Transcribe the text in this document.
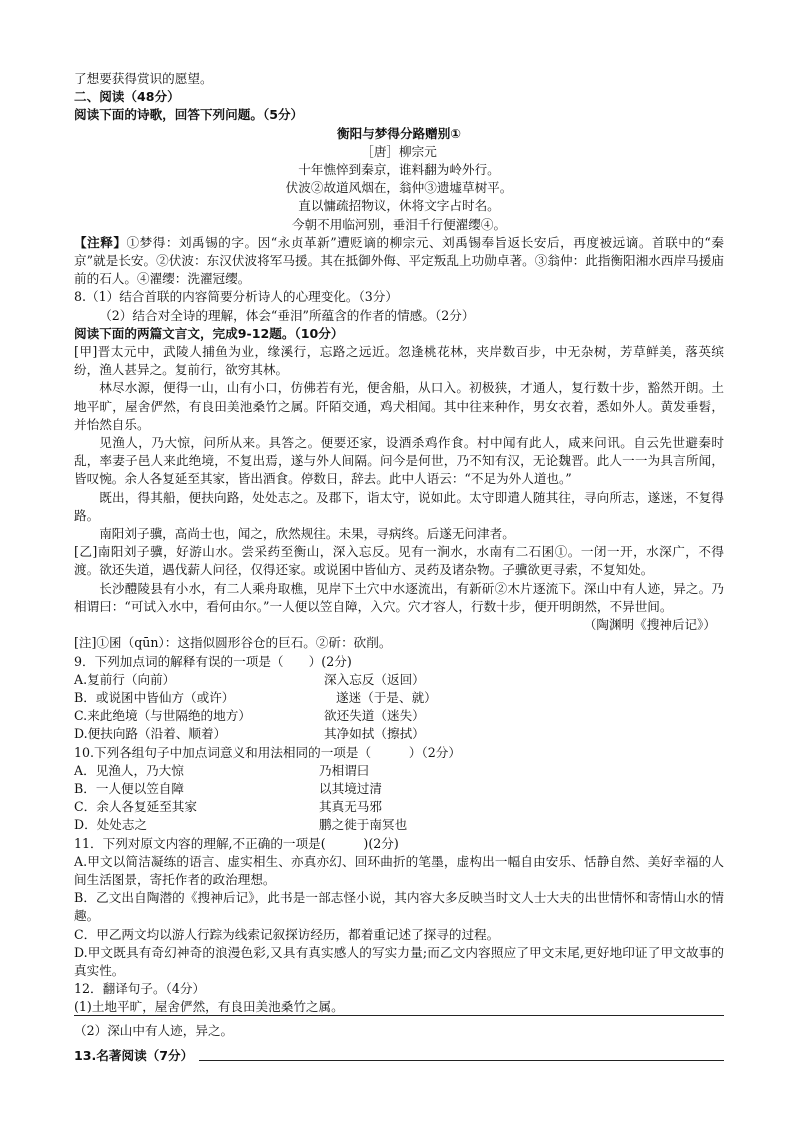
了想要获得赏识的愿望。
二、阅读（48分）
阅读下面的诗歌，回答下列问题。（5分）
衡阳与梦得分路赠别①
［唐］柳宗元
十年憔悴到秦京，谁料翻为岭外行。
伏波②故道风烟在，翁仲③遗墟草树平。
直以慵疏招物议，休将文字占时名。
今朝不用临河别，垂泪千行便濯缨④。
【注释】①梦得：刘禹锡的字。因“永贞革新”遭贬谪的柳宗元、刘禹锡奉旨返长安后，再度被远谪。首联中的“秦京”就是长安。②伏波：东汉伏波将军马援。其在抵御外侮、平定叛乱上功勋卓著。③翁仲：此指衡阳湘水西岸马援庙前的石人。④濯缨：洗濯冠缨。
8.（1）结合首联的内容简要分析诗人的心理变化。（3分）
（2）结合对全诗的理解，体会“垂泪”所蕴含的作者的情感。（2分）
阅读下面的两篇文言文，完成9-12题。（10分）
[甲]晋太元中，武陵人捕鱼为业，缘溪行，忘路之远近。忽逢桃花林，夹岸数百步，中无杂树，芳草鲜美，落英缤纷，渔人甚异之。复前行，欲穷其林。
林尽水源，便得一山，山有小口，仿佛若有光，便舍船，从口入。初极狭，才通人，复行数十步，豁然开朗。土地平旷，屋舍俨然，有良田美池桑竹之属。阡陌交通，鸡犬相闻。其中往来种作，男女衣着，悉如外人。黄发垂髫，并怡然自乐。
见渔人，乃大惊，问所从来。具答之。便要还家，设酒杀鸡作食。村中闻有此人，咸来问讯。自云先世避秦时乱，率妻子邑人来此绝境，不复出焉，遂与外人间隔。问今是何世，乃不知有汉，无论魏晋。此人一一为具言所闻，皆叹惋。余人各复延至其家，皆出酒食。停数日，辞去。此中人语云：“不足为外人道也。”
既出，得其船，便扶向路，处处志之。及郡下，诣太守，说如此。太守即遣人随其往，寻向所志，遂迷，不复得路。
南阳刘子骥，高尚士也，闻之，欣然规往。未果，寻病终。后遂无问津者。
[乙]南阳刘子骥，好游山水。尝采药至衡山，深入忘反。见有一涧水，水南有二石囷①。一闭一开，水深广，不得渡。欲还失道，遇伐薪人问径，仅得还家。或说囷中皆仙方、灵药及诸杂物。子骥欲更寻索，不复知处。
长沙醴陵县有小水，有二人乘舟取樵，见岸下土穴中水逐流出，有新斫②木片逐流下。深山中有人迹，异之。乃相谓曰：“可试入水中，看何由尔。”一人便以笠自障，入穴。穴才容人，行数十步，便开明朗然，不异世间。
（陶渊明《搜神后记》）
[注]①囷（qūn）：这指似圆形谷仓的巨石。②斫：砍削。
9．下列加点词的解释有误的一项是（　　）(2分)
A.复前行（向前）	深入忘反（返回）
B．或说囷中皆仙方（或许）	遂迷（于是、就）
C.来此绝境（与世隔绝的地方）	欲还失道（迷失）
D.便扶向路（沿着、顺着）	其净如拭（擦拭）
10.下列各组句子中加点词意义和用法相同的一项是（　　　）（2分）
A．见渔人，乃大惊	乃相谓曰
B．一人便以笠自障	以其境过清
C．余人各复延至其家	其真无马邪
D．处处志之	鹏之徙于南冥也
11．下列对原文内容的理解,不正确的一项是(　　　)(2分)
A.甲文以简洁凝练的语言、虚实相生、亦真亦幻、回环曲折的笔墨，虚构出一幅自由安乐、恬静自然、美好幸福的人间生活图景，寄托作者的政治理想。
B．乙文出自陶潜的《搜神后记》，此书是一部志怪小说，其内容大多反映当时文人士大夫的出世情怀和寄情山水的情趣。
C．甲乙两文均以游人行踪为线索记叙探访经历，都着重记述了探寻的过程。
D.甲文既具有奇幻神奇的浪漫色彩,又具有真实感人的写实力量;而乙文内容照应了甲文末尾,更好地印证了甲文故事的真实性。
12．翻译句子。（4分）
(1)土地平旷，屋舍俨然，有良田美池桑竹之属。
（2）深山中有人迹，异之。
13.名著阅读（7分）
